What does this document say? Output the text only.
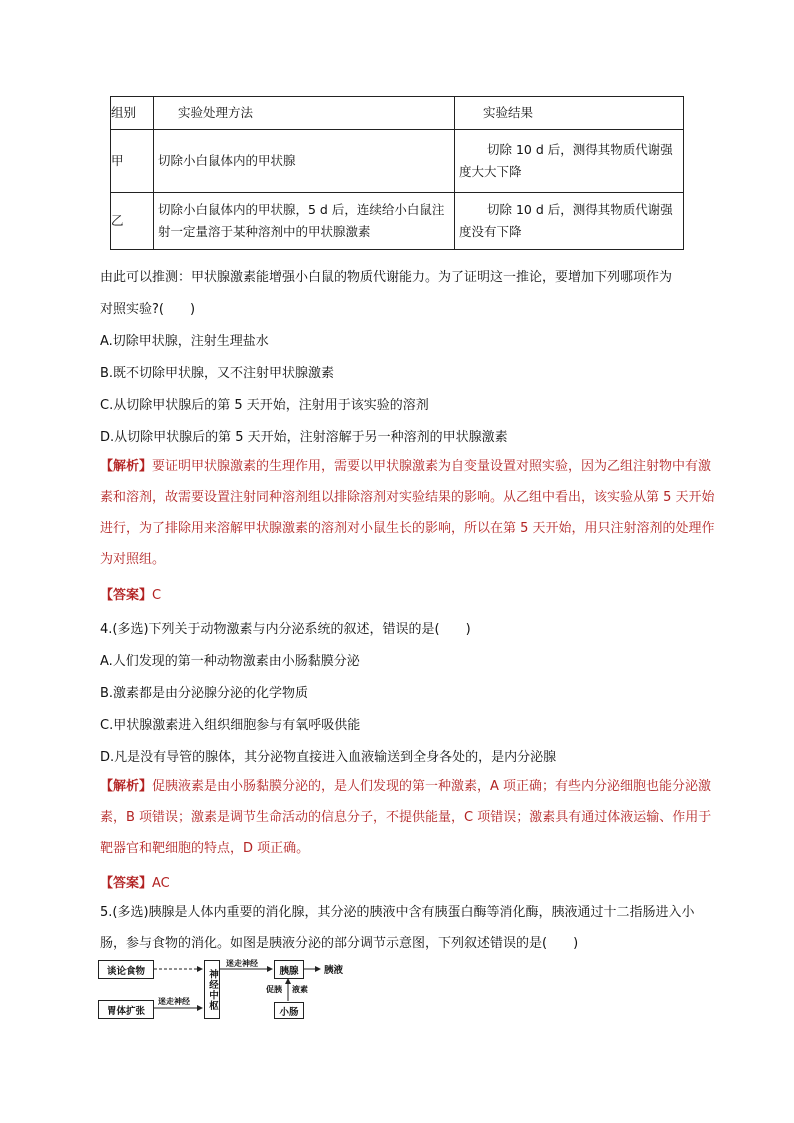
组别	实验处理方法	实验结果
甲	切除小白鼠体内的甲状腺	切除 10 d 后，测得其物质代谢强度大大下降
乙	切除小白鼠体内的甲状腺，5 d 后，连续给小白鼠注射一定量溶于某种溶剂中的甲状腺激素	切除 10 d 后，测得其物质代谢强度没有下降
由此可以推测：甲状腺激素能增强小白鼠的物质代谢能力。为了证明这一推论，要增加下列哪项作为
对照实验?(　　)
A.切除甲状腺，注射生理盐水
B.既不切除甲状腺，又不注射甲状腺激素
C.从切除甲状腺后的第 5 天开始，注射用于该实验的溶剂
D.从切除甲状腺后的第 5 天开始，注射溶解于另一种溶剂的甲状腺激素
【解析】要证明甲状腺激素的生理作用，需要以甲状腺激素为自变量设置对照实验，因为乙组注射物中有激素和溶剂，故需要设置注射同种溶剂组以排除溶剂对实验结果的影响。从乙组中看出，该实验从第 5 天开始进行，为了排除用来溶解甲状腺激素的溶剂对小鼠生长的影响，所以在第 5 天开始，用只注射溶剂的处理作为对照组。
【答案】C
4.(多选)下列关于动物激素与内分泌系统的叙述，错误的是(　　)
A.人们发现的第一种动物激素由小肠黏膜分泌
B.激素都是由分泌腺分泌的化学物质
C.甲状腺激素进入组织细胞参与有氧呼吸供能
D.凡是没有导管的腺体，其分泌物直接进入血液输送到全身各处的，是内分泌腺
【解析】促胰液素是由小肠黏膜分泌的，是人们发现的第一种激素，A 项正确；有些内分泌细胞也能分泌激素，B 项错误；激素是调节生命活动的信息分子，不提供能量，C 项错误；激素具有通过体液运输、作用于靶器官和靶细胞的特点，D 项正确。
【答案】AC
5.(多选)胰腺是人体内重要的消化腺，其分泌的胰液中含有胰蛋白酶等消化酶，胰液通过十二指肠进入小肠，参与食物的消化。如图是胰液分泌的部分调节示意图，下列叙述错误的是(　　)
谈论食物
胃体扩张
神经中枢	胰腺
小肠
迷走神经
迷走神经
促胰 液素
胰液
